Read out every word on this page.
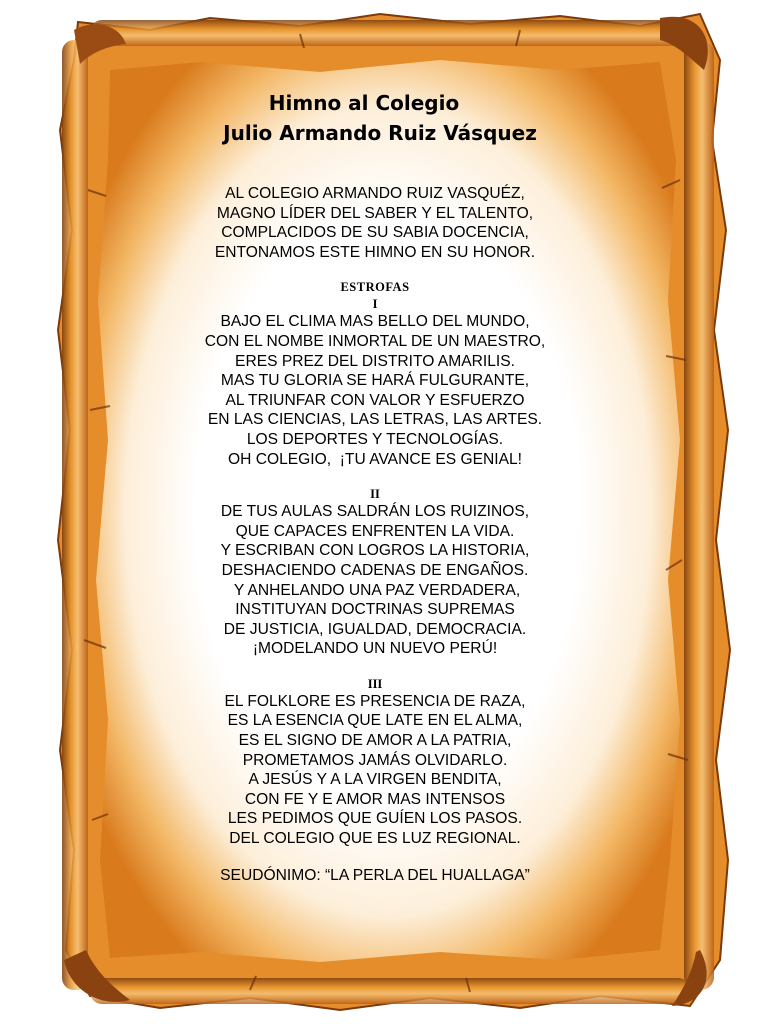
Himno al Colegio

Julio Armando Ruiz Vásquez

AL COLEGIO ARMANDO RUIZ VASQUÉZ,
MAGNO LÍDER DEL SABER Y EL TALENTO,
COMPLACIDOS DE SU SABIA DOCENCIA,
ENTONAMOS ESTE HIMNO EN SU HONOR.

ESTROFAS

I

BAJO EL CLIMA MAS BELLO DEL MUNDO,
CON EL NOMBE INMORTAL DE UN MAESTRO,
ERES PREZ DEL DISTRITO AMARILIS.
MAS TU GLORIA SE HARÁ FULGURANTE,
AL TRIUNFAR CON VALOR Y ESFUERZO
EN LAS CIENCIAS, LAS LETRAS, LAS ARTES.
LOS DEPORTES Y TECNOLOGÍAS.
OH COLEGIO,  ¡TU AVANCE ES GENIAL!

II

DE TUS AULAS SALDRÁN LOS RUIZINOS,
QUE CAPACES ENFRENTEN LA VIDA.
Y ESCRIBAN CON LOGROS LA HISTORIA,
DESHACIENDO CADENAS DE ENGAÑOS.
Y ANHELANDO UNA PAZ VERDADERA,
INSTITUYAN DOCTRINAS SUPREMAS
DE JUSTICIA, IGUALDAD, DEMOCRACIA.
¡MODELANDO UN NUEVO PERÚ!

III

EL FOLKLORE ES PRESENCIA DE RAZA,
ES LA ESENCIA QUE LATE EN EL ALMA,
ES EL SIGNO DE AMOR A LA PATRIA,
PROMETAMOS JAMÁS OLVIDARLO.
A JESÚS Y A LA VIRGEN BENDITA,
CON FE Y E AMOR MAS INTENSOS
LES PEDIMOS QUE GUÍEN LOS PASOS.
DEL COLEGIO QUE ES LUZ REGIONAL.

SEUDÓNIMO: “LA PERLA DEL HUALLAGA”
